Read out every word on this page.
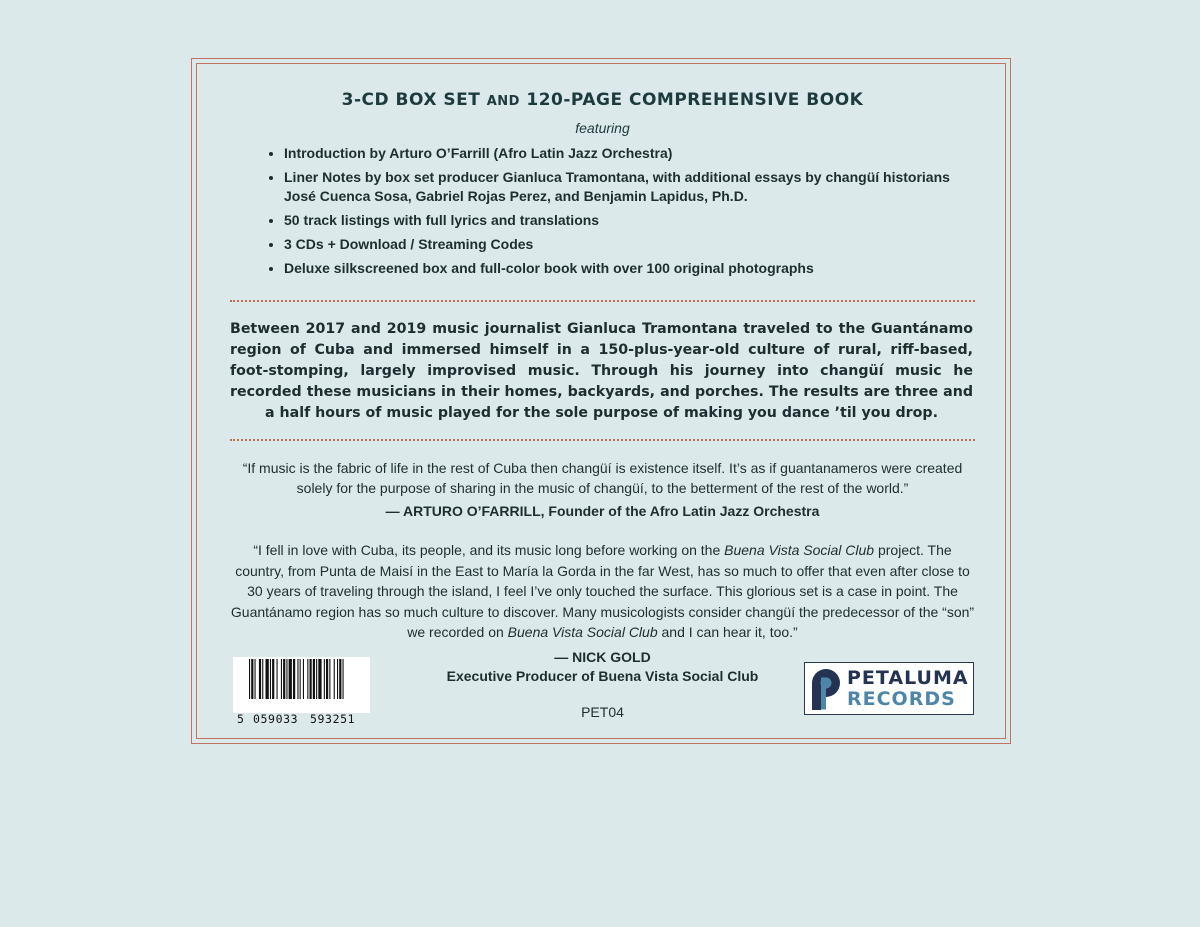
3-CD BOX SET AND 120-PAGE COMPREHENSIVE BOOK
featuring
• Introduction by Arturo O’Farrill (Afro Latin Jazz Orchestra)
• Liner Notes by box set producer Gianluca Tramontana, with additional essays by changüí historians
José Cuenca Sosa, Gabriel Rojas Perez, and Benjamin Lapidus, Ph.D.
• 50 track listings with full lyrics and translations
• 3 CDs + Download / Streaming Codes
• Deluxe silkscreened box and full-color book with over 100 original photographs
Between 2017 and 2019 music journalist Gianluca Tramontana traveled to the Guantánamo region of Cuba and immersed himself in a 150-plus-year-old culture of rural, riff-based, foot-stomping, largely improvised music. Through his journey into changüí music he recorded these musicians in their homes, backyards, and porches. The results are three and a half hours of music played for the sole purpose of making you dance ’til you drop.
“If music is the fabric of life in the rest of Cuba then changüí is existence itself. It’s as if guantanameros were created
solely for the purpose of sharing in the music of changüí, to the betterment of the rest of the world.”
— ARTURO O’FARRILL, Founder of the Afro Latin Jazz Orchestra
“I fell in love with Cuba, its people, and its music long before working on the Buena Vista Social Club project. The country, from Punta de Maisí in the East to María la Gorda in the far West, has so much to offer that even after close to 30 years of traveling through the island, I feel I’ve only touched the surface. This glorious set is a case in point. The Guantánamo region has so much culture to discover. Many musicologists consider changüí the predecessor of the “son” we recorded on Buena Vista Social Club and I can hear it, too.”
— NICK GOLD
Executive Producer of Buena Vista Social Club
PET04
5 059033 593251
PETALUMA
RECORDS
